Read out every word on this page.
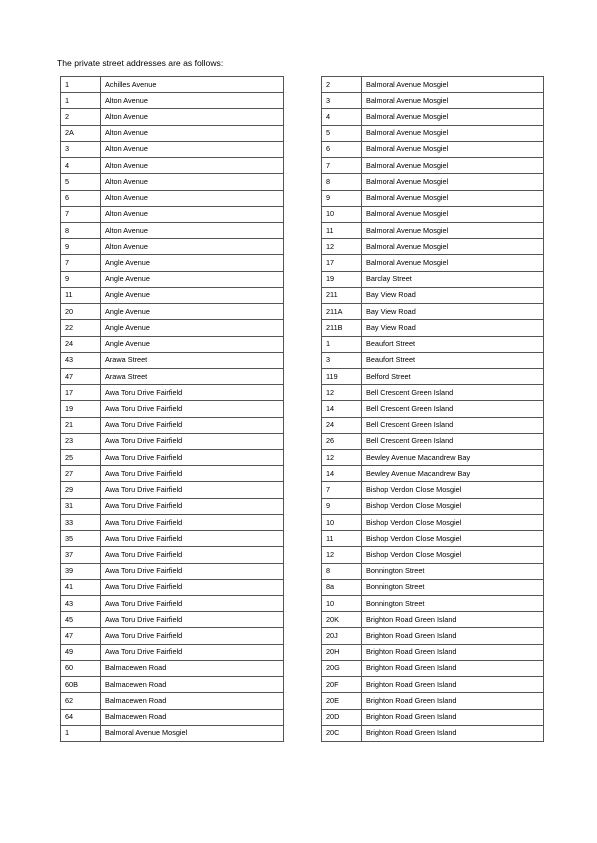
The private street addresses are as follows:
1	Achilles Avenue
1	Alton Avenue
2	Alton Avenue
2A	Alton Avenue
3	Alton Avenue
4	Alton Avenue
5	Alton Avenue
6	Alton Avenue
7	Alton Avenue
8	Alton Avenue
9	Alton Avenue
7	Angle Avenue
9	Angle Avenue
11	Angle Avenue
20	Angle Avenue
22	Angle Avenue
24	Angle Avenue
43	Arawa Street
47	Arawa Street
17	Awa Toru Drive Fairfield
19	Awa Toru Drive Fairfield
21	Awa Toru Drive Fairfield
23	Awa Toru Drive Fairfield
25	Awa Toru Drive Fairfield
27	Awa Toru Drive Fairfield
29	Awa Toru Drive Fairfield
31	Awa Toru Drive Fairfield
33	Awa Toru Drive Fairfield
35	Awa Toru Drive Fairfield
37	Awa Toru Drive Fairfield
39	Awa Toru Drive Fairfield
41	Awa Toru Drive Fairfield
43	Awa Toru Drive Fairfield
45	Awa Toru Drive Fairfield
47	Awa Toru Drive Fairfield
49	Awa Toru Drive Fairfield
60	Balmacewen Road
60B	Balmacewen Road
62	Balmacewen Road
64	Balmacewen Road
1	Balmoral Avenue Mosgiel
2	Balmoral Avenue Mosgiel
3	Balmoral Avenue Mosgiel
4	Balmoral Avenue Mosgiel
5	Balmoral Avenue Mosgiel
6	Balmoral Avenue Mosgiel
7	Balmoral Avenue Mosgiel
8	Balmoral Avenue Mosgiel
9	Balmoral Avenue Mosgiel
10	Balmoral Avenue Mosgiel
11	Balmoral Avenue Mosgiel
12	Balmoral Avenue Mosgiel
17	Balmoral Avenue Mosgiel
19	Barclay Street
211	Bay View Road
211A	Bay View Road
211B	Bay View Road
1	Beaufort Street
3	Beaufort Street
119	Belford Street
12	Bell Crescent Green Island
14	Bell Crescent Green Island
24	Bell Crescent Green Island
26	Bell Crescent Green Island
12	Bewley Avenue Macandrew Bay
14	Bewley Avenue Macandrew Bay
7	Bishop Verdon Close Mosgiel
9	Bishop Verdon Close Mosgiel
10	Bishop Verdon Close Mosgiel
11	Bishop Verdon Close Mosgiel
12	Bishop Verdon Close Mosgiel
8	Bonnington Street
8a	Bonnington Street
10	Bonnington Street
20K	Brighton Road Green Island
20J	Brighton Road Green Island
20H	Brighton Road Green Island
20G	Brighton Road Green Island
20F	Brighton Road Green Island
20E	Brighton Road Green Island
20D	Brighton Road Green Island
20C	Brighton Road Green Island
